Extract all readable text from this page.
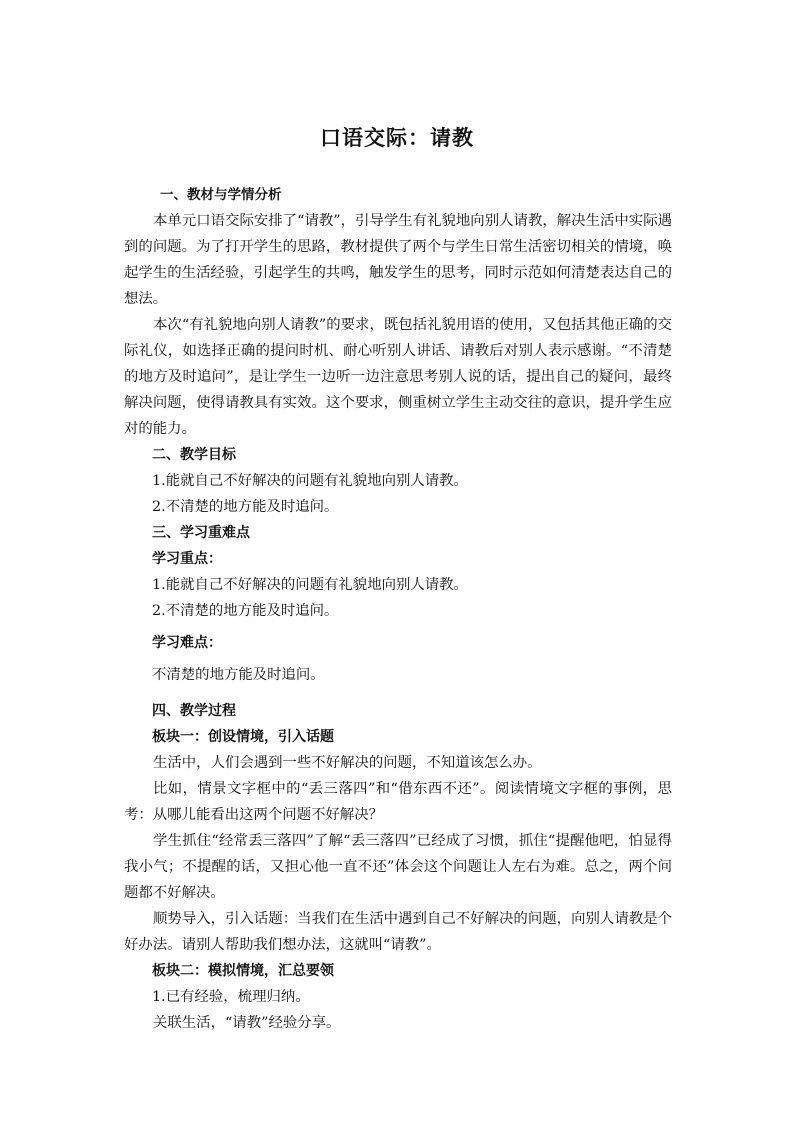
口语交际：请教
一、教材与学情分析
本单元口语交际安排了“请教”，引导学生有礼貌地向别人请教，解决生活中实际遇到的问题。为了打开学生的思路，教材提供了两个与学生日常生活密切相关的情境，唤起学生的生活经验，引起学生的共鸣，触发学生的思考，同时示范如何清楚表达自己的想法。
本次“有礼貌地向别人请教”的要求，既包括礼貌用语的使用，又包括其他正确的交际礼仪，如选择正确的提问时机、耐心听别人讲话、请教后对别人表示感谢。“不清楚的地方及时追问”，是让学生一边听一边注意思考别人说的话，提出自己的疑问，最终解决问题，使得请教具有实效。这个要求，侧重树立学生主动交往的意识，提升学生应对的能力。
二、教学目标
1.能就自己不好解决的问题有礼貌地向别人请教。
2.不清楚的地方能及时追问。
三、学习重难点
学习重点：
1.能就自己不好解决的问题有礼貌地向别人请教。
2.不清楚的地方能及时追问。
学习难点：
不清楚的地方能及时追问。
四、教学过程
板块一：创设情境，引入话题
生活中，人们会遇到一些不好解决的问题，不知道该怎么办。
比如，情景文字框中的“丢三落四”和“借东西不还”。阅读情境文字框的事例，思考：从哪儿能看出这两个问题不好解决？
学生抓住“经常丢三落四”了解“丢三落四”已经成了习惯，抓住“提醒他吧，怕显得我小气；不提醒的话，又担心他一直不还”体会这个问题让人左右为难。总之，两个问题都不好解决。
顺势导入，引入话题：当我们在生活中遇到自己不好解决的问题，向别人请教是个好办法。请别人帮助我们想办法，这就叫“请教”。
板块二：模拟情境，汇总要领
1.已有经验，梳理归纳。
关联生活，“请教”经验分享。
